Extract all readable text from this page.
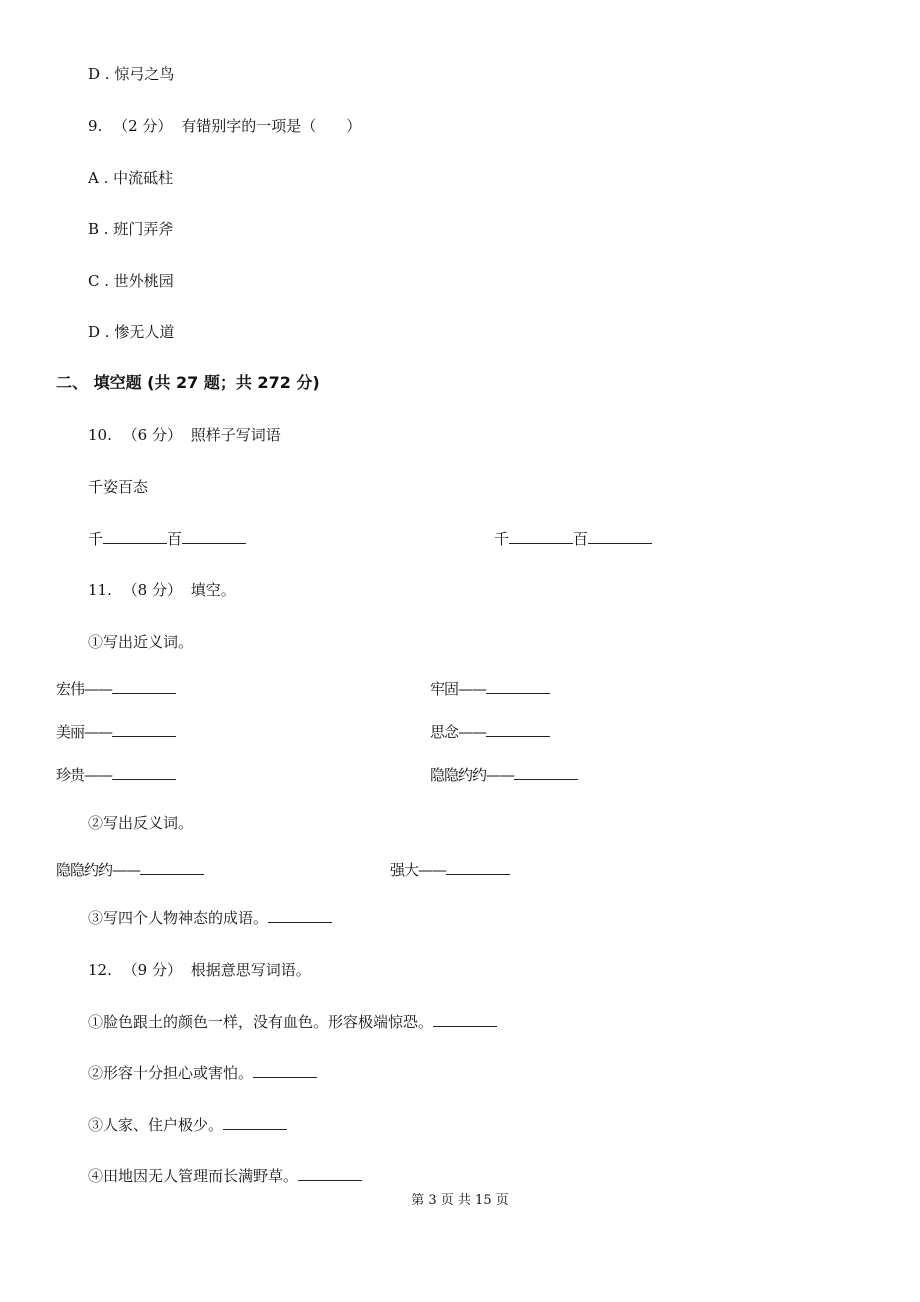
D . 惊弓之鸟
9. （2 分） 有错别字的一项是（ ）
A . 中流砥柱
B . 班门弄斧
C . 世外桃园
D . 惨无人道
二、 填空题 (共 27 题；共 272 分)
10. （6 分） 照样子写词语
千姿百态
千	百	千	百
11. （8 分） 填空。
①写出近义词。
宏伟——	牢固——
美丽——	思念——
珍贵——	隐隐约约——
②写出反义词。
隐隐约约——	强大——
③写四个人物神态的成语。
12. （9 分） 根据意思写词语。
①脸色跟土的颜色一样，没有血色。形容极端惊恐。
②形容十分担心或害怕。
③人家、住户极少。
④田地因无人管理而长满野草。
第 3 页 共 15 页
